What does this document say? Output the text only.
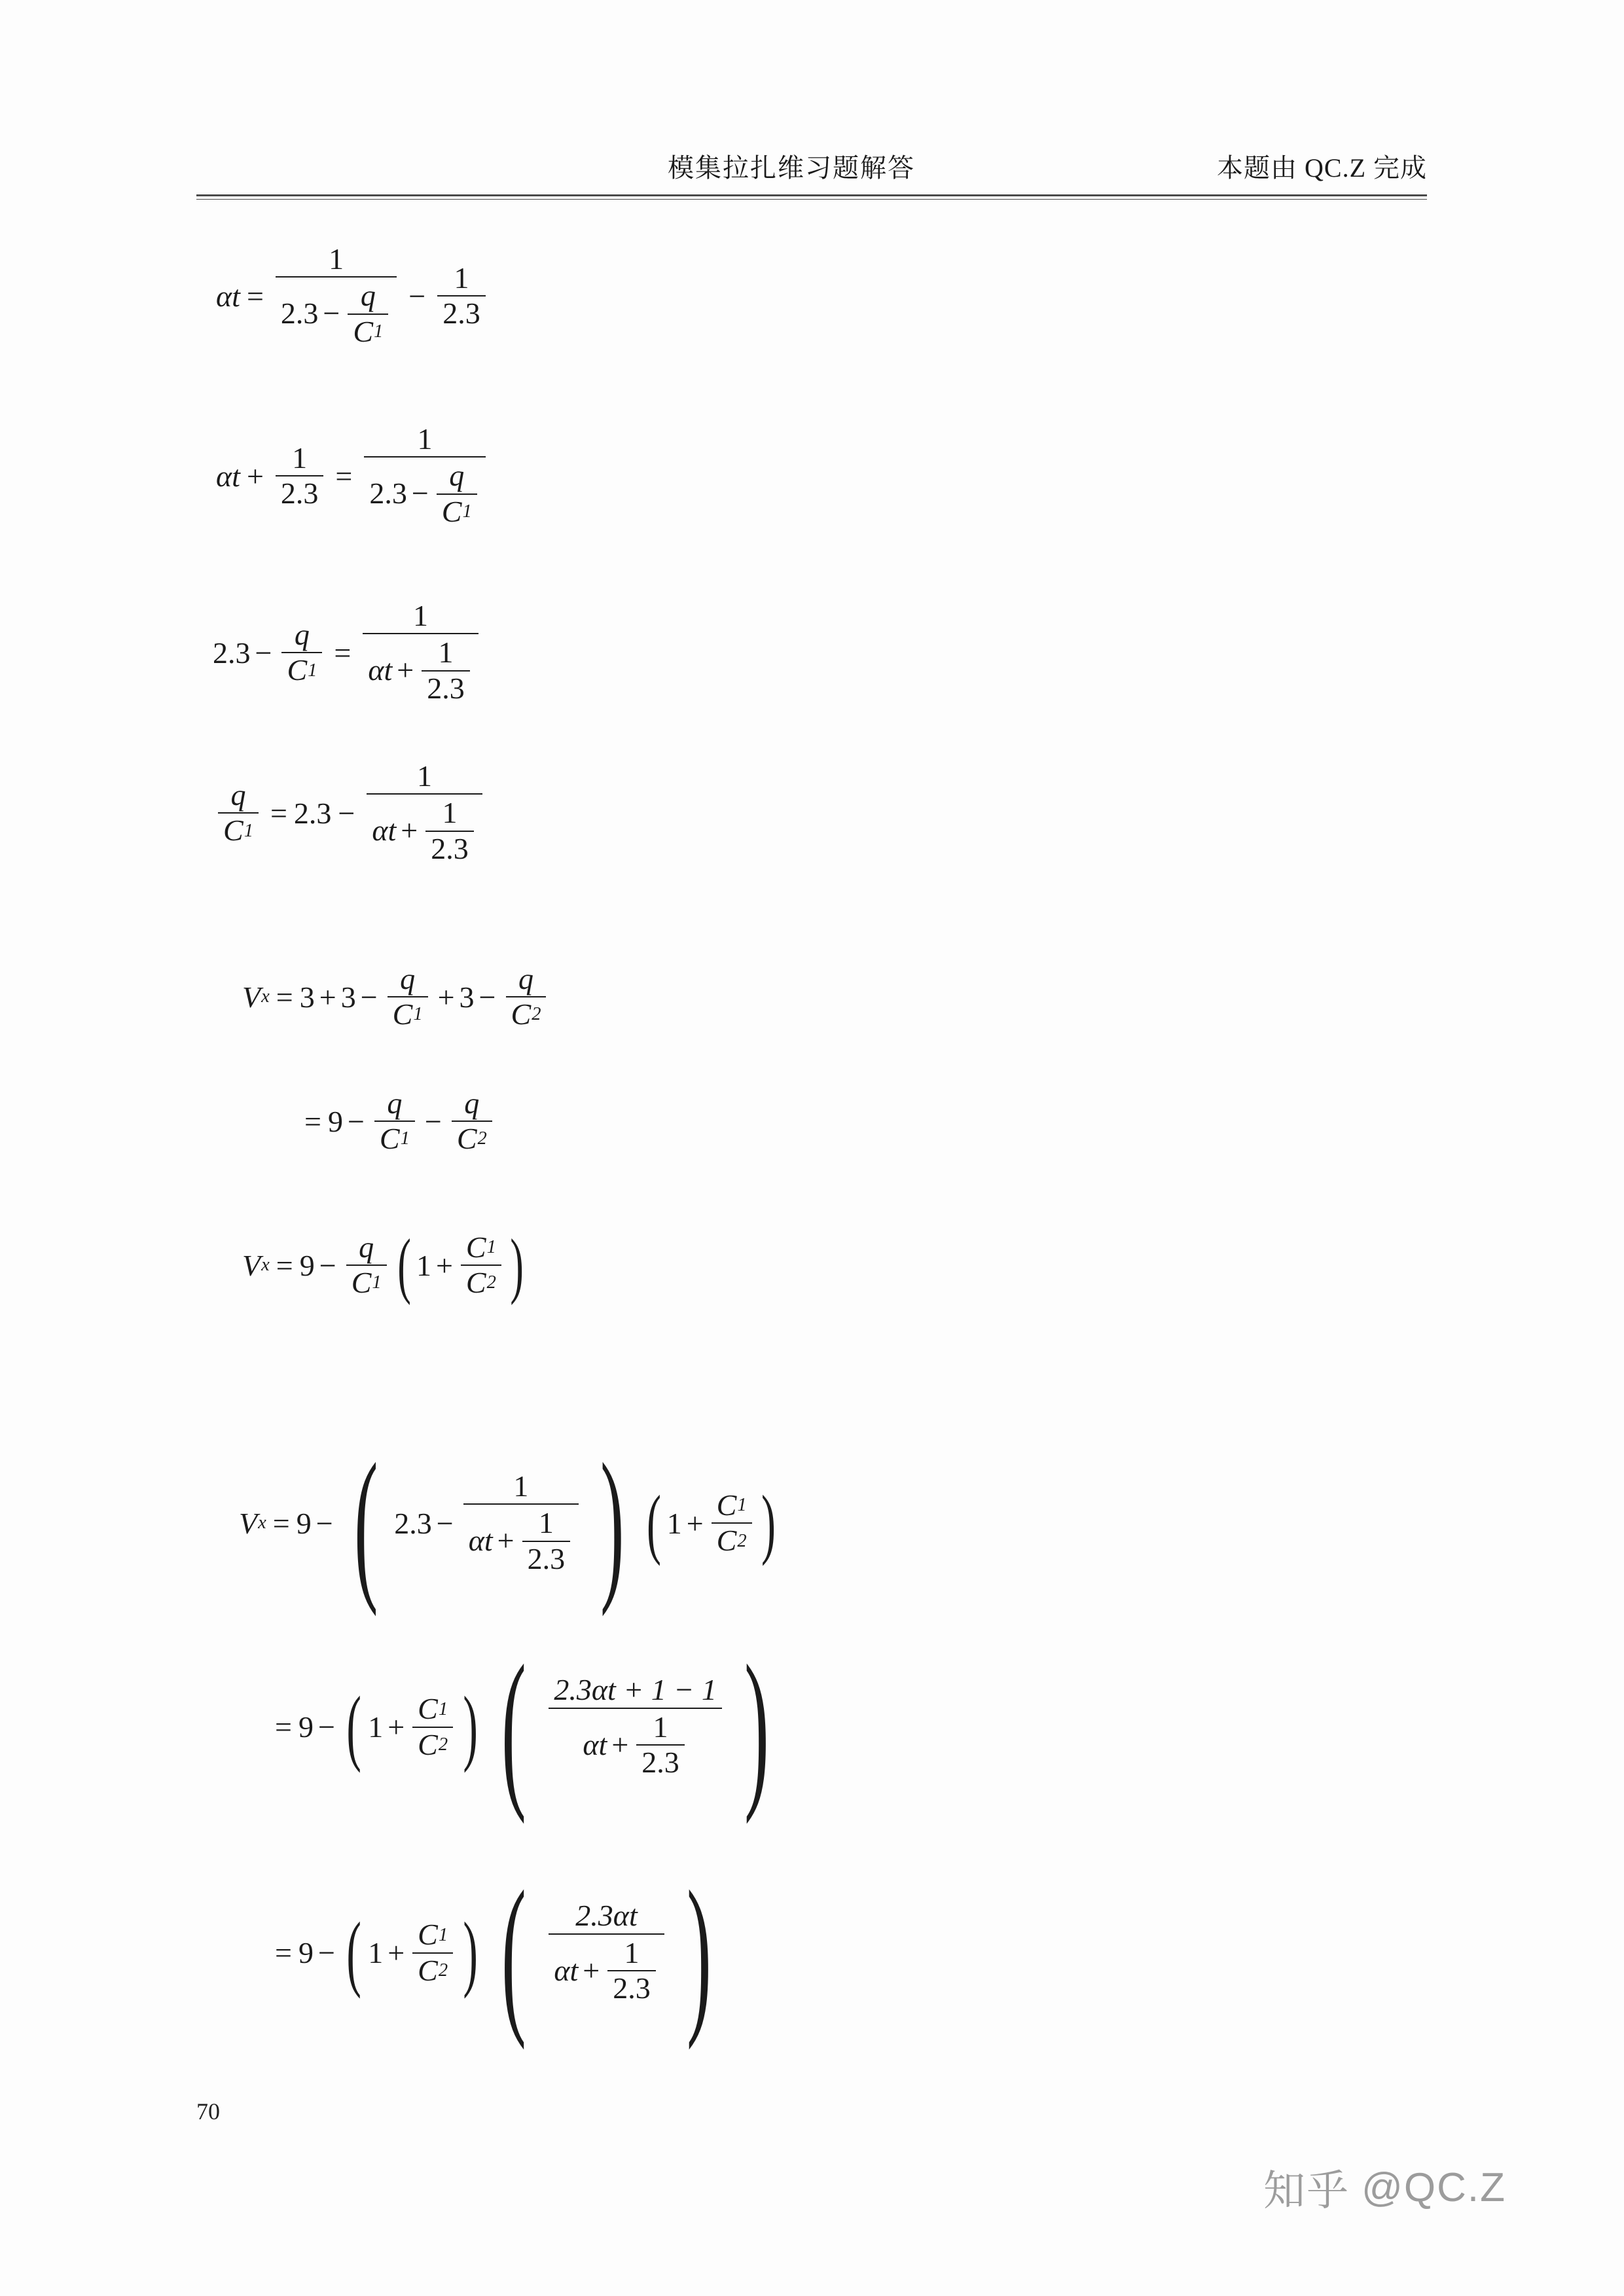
模集拉扎维习题解答	本题由 QC.Z 完成
αt =
1
$2.3 - \frac{q}{C 1} - \frac{1}{2.3}$
$\alpha t + \frac{1}{2.3}$ =
1
$2.3 - \frac{q}{C 1}$
$2.3 - \frac{q}{C 1} = \frac{1}{\alpha t + \frac{1}{2.3}}$
$\frac{q}{C 1} = 2.3 - \frac{1}{\alpha t + \frac{1}{2.3}}$
V $x = 3 + 3 - \frac{q}{C 1} + 3 - \frac{q}{C 2}$
= $9 - \frac{q}{C 1} - \frac{q}{C 2}$
V $x = 9 - \frac{q}{C 1}$ ( $1 + \frac{C 1}{C 2}$ )
V x = 9 − ( 2.3 −
1
$\alpha t + \frac{1}{2.3}$ ) ( $1 + \frac{C 1}{C 2}$ )
= 9 − ( $1 + \frac{C 1}{C 2}$ ) ( 2.3αt + 1 − 1
$\alpha t + \frac{1}{2.3}$ )
= 9 − ( $1 + \frac{C 1}{C 2}$ ) ( 2.3αt
$\alpha t + \frac{1}{2.3}$ )
70
知乎 @QC.Z
